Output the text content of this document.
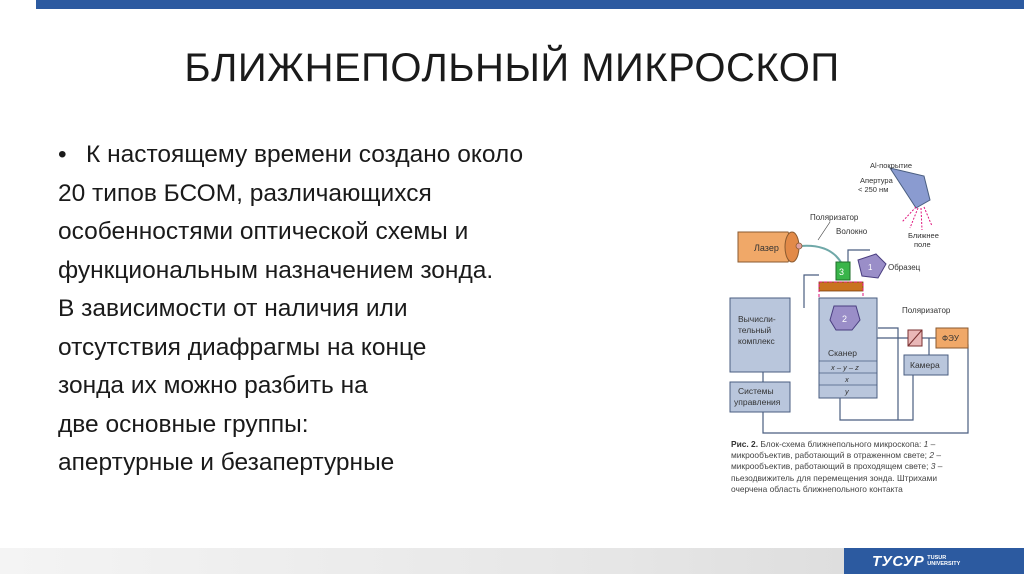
БЛИЖНЕПОЛЬНЫЙ МИКРОСКОП
• К настоящему времени создано около
20 типов БСОМ, различающихся
особенностями оптической схемы и
функциональным назначением зонда.
В зависимости от наличия или
отсутствия диафрагмы на конце
зонда их можно разбить на
две основные группы:
апертурные и безапертурные
Лазер
Волокно
Поляризатор
3	1 Образец
Al-покрытие
Апертура
< 250 нм
Ближнее
поле
2
Сканер
x – y – z
x
y
Вычисли-
тельный
комплекс
Системы
управления
Поляризатор
ФЭУ
Камера
Рис. 2. Блок-схема ближнепольного микроскопа: 1 – микрообъектив, работающий в отраженном свете; 2 – микрообъектив, работающий в проходящем свете; 3 – пьезодвижитель для перемещения зонда. Штрихами очерчена область ближнепольного контакта
ТУСУР TUSUR
UNIVERSITY
